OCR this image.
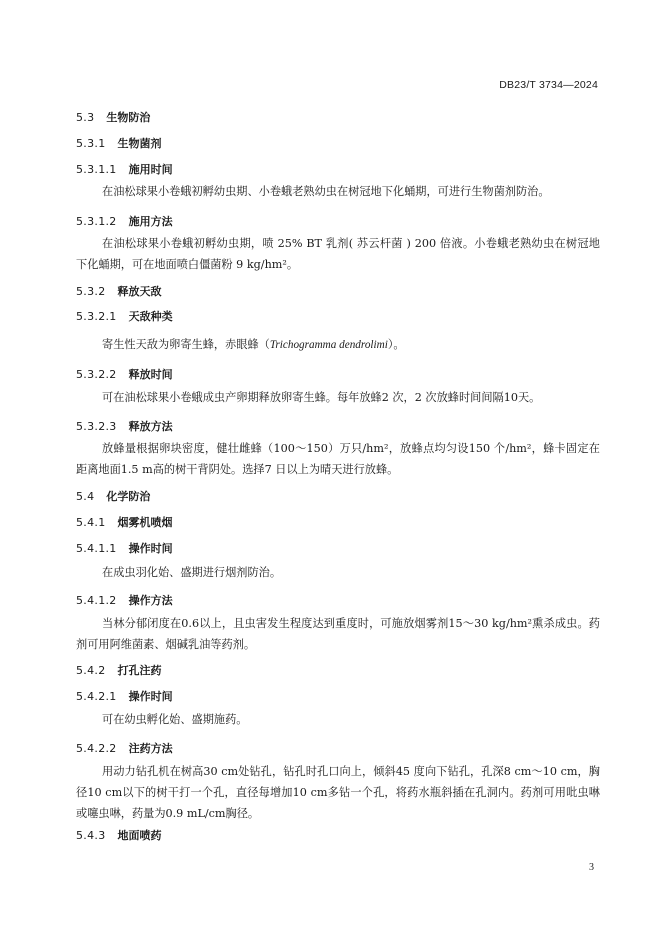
DB23/T 3734—2024
5.3 生物防治
5.3.1 生物菌剂
5.3.1.1 施用时间
在油松球果小卷蛾初孵幼虫期、小卷蛾老熟幼虫在树冠地下化蛹期，可进行生物菌剂防治。
5.3.1.2 施用方法
在油松球果小卷蛾初孵幼虫期，喷 25% BT 乳剂( 苏云杆菌 ) 200 倍液。小卷蛾老熟幼虫在树冠地下化蛹期，可在地面喷白僵菌粉 9 kg/hm²。
5.3.2 释放天敌
5.3.2.1 天敌种类
寄生性天敌为卵寄生蜂，赤眼蜂（Trichogramma dendrolimi）。
5.3.2.2 释放时间
可在油松球果小卷蛾成虫产卵期释放卵寄生蜂。每年放蜂2 次，2 次放蜂时间间隔10天。
5.3.2.3 释放方法
放蜂量根据卵块密度，健壮雌蜂（100～150）万只/hm²，放蜂点均匀设150 个/hm²，蜂卡固定在距离地面1.5 m高的树干背阴处。选择7 日以上为晴天进行放蜂。
5.4 化学防治
5.4.1 烟雾机喷烟
5.4.1.1 操作时间
在成虫羽化始、盛期进行烟剂防治。
5.4.1.2 操作方法
当林分郁闭度在0.6以上，且虫害发生程度达到重度时，可施放烟雾剂15～30 kg/hm²熏杀成虫。药剂可用阿维菌素、烟碱乳油等药剂。
5.4.2 打孔注药
5.4.2.1 操作时间
可在幼虫孵化始、盛期施药。
5.4.2.2 注药方法
用动力钻孔机在树高30 cm处钻孔，钻孔时孔口向上，倾斜45 度向下钻孔，孔深8 cm～10 cm，胸径10 cm以下的树干打一个孔，直径每增加10 cm多钻一个孔，将药水瓶斜插在孔洞内。药剂可用吡虫啉或噻虫啉，药量为0.9 mL/cm胸径。
5.4.3 地面喷药
3
